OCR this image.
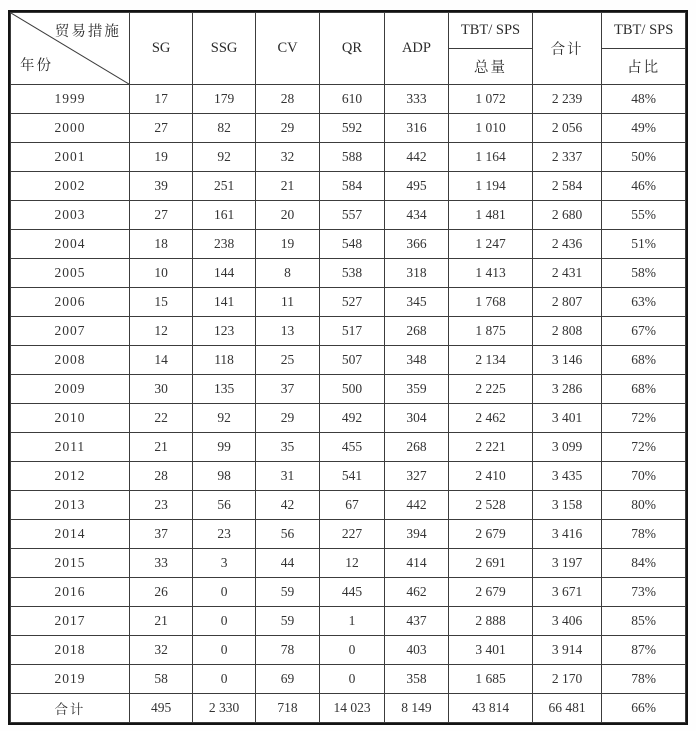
贸易措施
年份	SG	SSG	CV	QR	ADP	TBT/ SPS	合计	TBT/ SPS
						总量		占比
1999	17	179	28	610	333	1 072	2 239	48%
2000	27	82	29	592	316	1 010	2 056	49%
2001	19	92	32	588	442	1 164	2 337	50%
2002	39	251	21	584	495	1 194	2 584	46%
2003	27	161	20	557	434	1 481	2 680	55%
2004	18	238	19	548	366	1 247	2 436	51%
2005	10	144	8	538	318	1 413	2 431	58%
2006	15	141	11	527	345	1 768	2 807	63%
2007	12	123	13	517	268	1 875	2 808	67%
2008	14	118	25	507	348	2 134	3 146	68%
2009	30	135	37	500	359	2 225	3 286	68%
2010	22	92	29	492	304	2 462	3 401	72%
2011	21	99	35	455	268	2 221	3 099	72%
2012	28	98	31	541	327	2 410	3 435	70%
2013	23	56	42	67	442	2 528	3 158	80%
2014	37	23	56	227	394	2 679	3 416	78%
2015	33	3	44	12	414	2 691	3 197	84%
2016	26	0	59	445	462	2 679	3 671	73%
2017	21	0	59	1	437	2 888	3 406	85%
2018	32	0	78	0	403	3 401	3 914	87%
2019	58	0	69	0	358	1 685	2 170	78%
合计	495	2 330	718	14 023	8 149	43 814	66 481	66%
